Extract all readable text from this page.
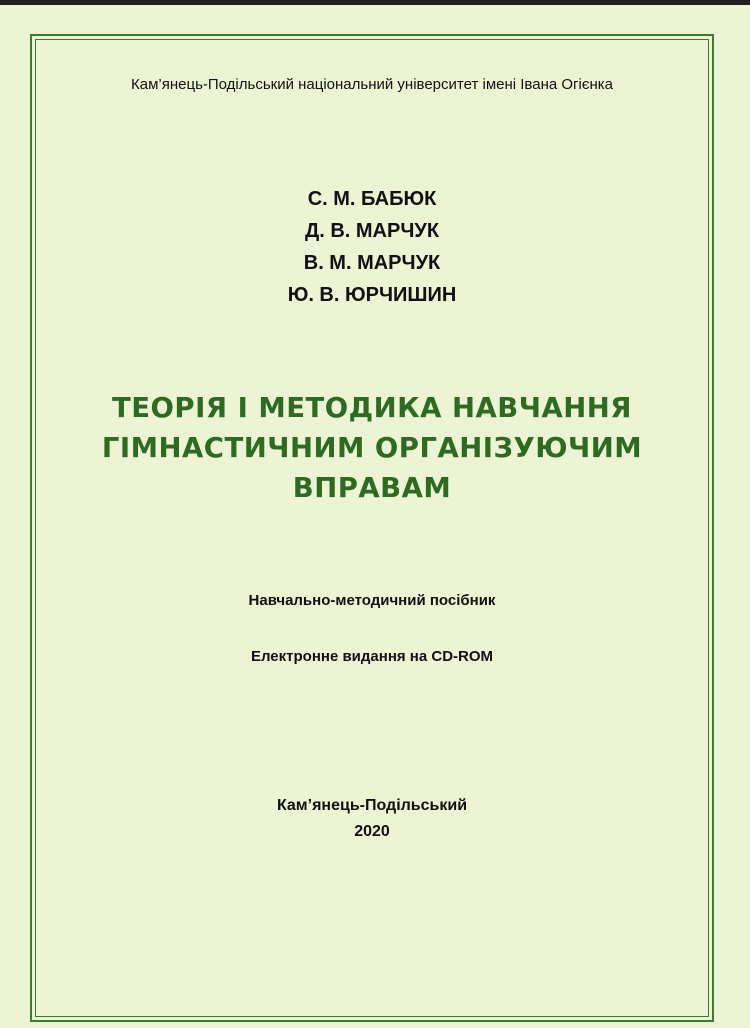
Кам’янець-Подільський національний університет імені Івана Огієнка
С. М. БАБЮК
Д. В. МАРЧУК
В. М. МАРЧУК
Ю. В. ЮРЧИШИН
ТЕОРІЯ І МЕТОДИКА НАВЧАННЯ
ГІМНАСТИЧНИМ ОРГАНІЗУЮЧИМ
ВПРАВАМ
Навчально-методичний посібник
Електронне видання на CD-ROM
Кам’янець-Подільський
2020
